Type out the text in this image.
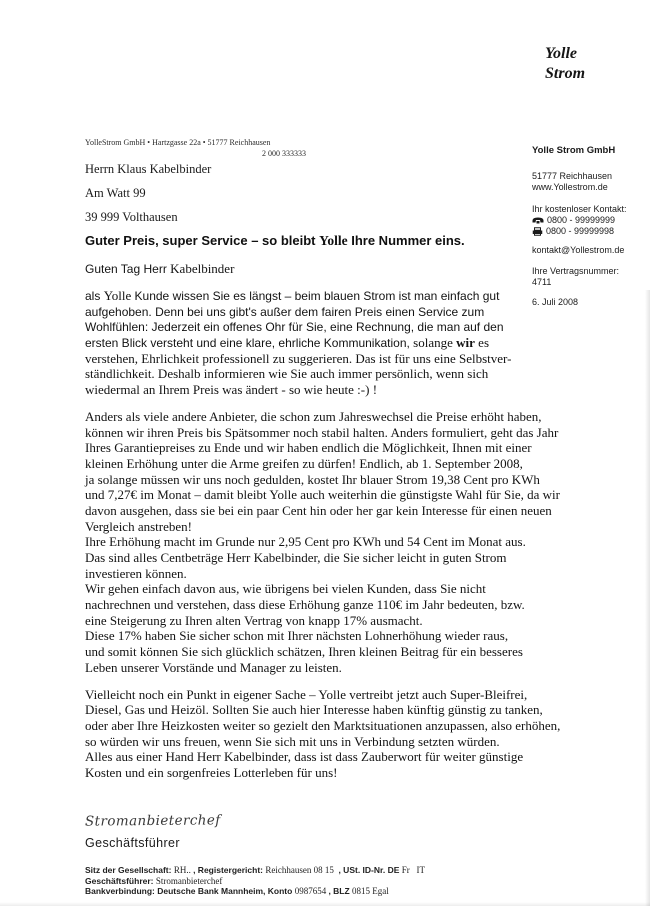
Yolle
Strom
YolleStrom GmbH • Hartzgasse 22a • 51777 Reichhausen
2 000 333333
Herrn Klaus Kabelbinder
Am Watt 99
39 999 Volthausen
Yolle Strom GmbH
51777 Reichhausen
www.Yollestrom.de
Ihr kostenloser Kontakt:
0800 - 99999999
0800 - 99999998
kontakt@Yollestrom.de
Ihre Vertragsnummer:
4711
6. Juli 2008
Guter Preis, super Service – so bleibt Yolle Ihre Nummer eins.
Guten Tag Herr Kabelbinder
als Yolle Kunde wissen Sie es längst – beim blauen Strom ist man einfach gut
aufgehoben. Denn bei uns gibt's außer dem fairen Preis einen Service zum
Wohlfühlen: Jederzeit ein offenes Ohr für Sie, eine Rechnung, die man auf den
ersten Blick versteht und eine klare, ehrliche Kommunikation, solange wir es
verstehen, Ehrlichkeit professionell zu suggerieren. Das ist für uns eine Selbstver-
ständlichkeit. Deshalb informieren wie Sie auch immer persönlich, wenn sich
wiedermal an Ihrem Preis was ändert - so wie heute :-) !
Anders als viele andere Anbieter, die schon zum Jahreswechsel die Preise erhöht haben,
können wir ihren Preis bis Spätsommer noch stabil halten. Anders formuliert, geht das Jahr
Ihres Garantiepreises zu Ende und wir haben endlich die Möglichkeit, Ihnen mit einer
kleinen Erhöhung unter die Arme greifen zu dürfen! Endlich, ab 1. September 2008,
ja solange müssen wir uns noch gedulden, kostet Ihr blauer Strom 19,38 Cent pro KWh
und 7,27€ im Monat – damit bleibt Yolle auch weiterhin die günstigste Wahl für Sie, da wir
davon ausgehen, dass sie bei ein paar Cent hin oder her gar kein Interesse für einen neuen
Vergleich anstreben!
Ihre Erhöhung macht im Grunde nur 2,95 Cent pro KWh und 54 Cent im Monat aus.
Das sind alles Centbeträge Herr Kabelbinder, die Sie sicher leicht in guten Strom
investieren können.
Wir gehen einfach davon aus, wie übrigens bei vielen Kunden, dass Sie nicht
nachrechnen und verstehen, dass diese Erhöhung ganze 110€ im Jahr bedeuten, bzw.
eine Steigerung zu Ihren alten Vertrag von knapp 17% ausmacht.
Diese 17% haben Sie sicher schon mit Ihrer nächsten Lohnerhöhung wieder raus,
und somit können Sie sich glücklich schätzen, Ihren kleinen Beitrag für ein besseres
Leben unserer Vorstände und Manager zu leisten.
Vielleicht noch ein Punkt in eigener Sache – Yolle vertreibt jetzt auch Super-Bleifrei,
Diesel, Gas und Heizöl. Sollten Sie auch hier Interesse haben künftig günstig zu tanken,
oder aber Ihre Heizkosten weiter so gezielt den Marktsituationen anzupassen, also erhöhen,
so würden wir uns freuen, wenn Sie sich mit uns in Verbindung setzten würden.
Alles aus einer Hand Herr Kabelbinder, dass ist dass Zauberwort für weiter günstige
Kosten und ein sorgenfreies Lotterleben für uns!
Stromanbieterchef
Geschäftsführer
Sitz der Gesellschaft: RH.. , Registergericht: Reichhausen 08 15  , USt. ID-Nr. DE Fr   IT
Geschäftsführer: Stromanbieterchef
Bankverbindung: Deutsche Bank Mannheim, Konto 0987654 , BLZ 0815 Egal
